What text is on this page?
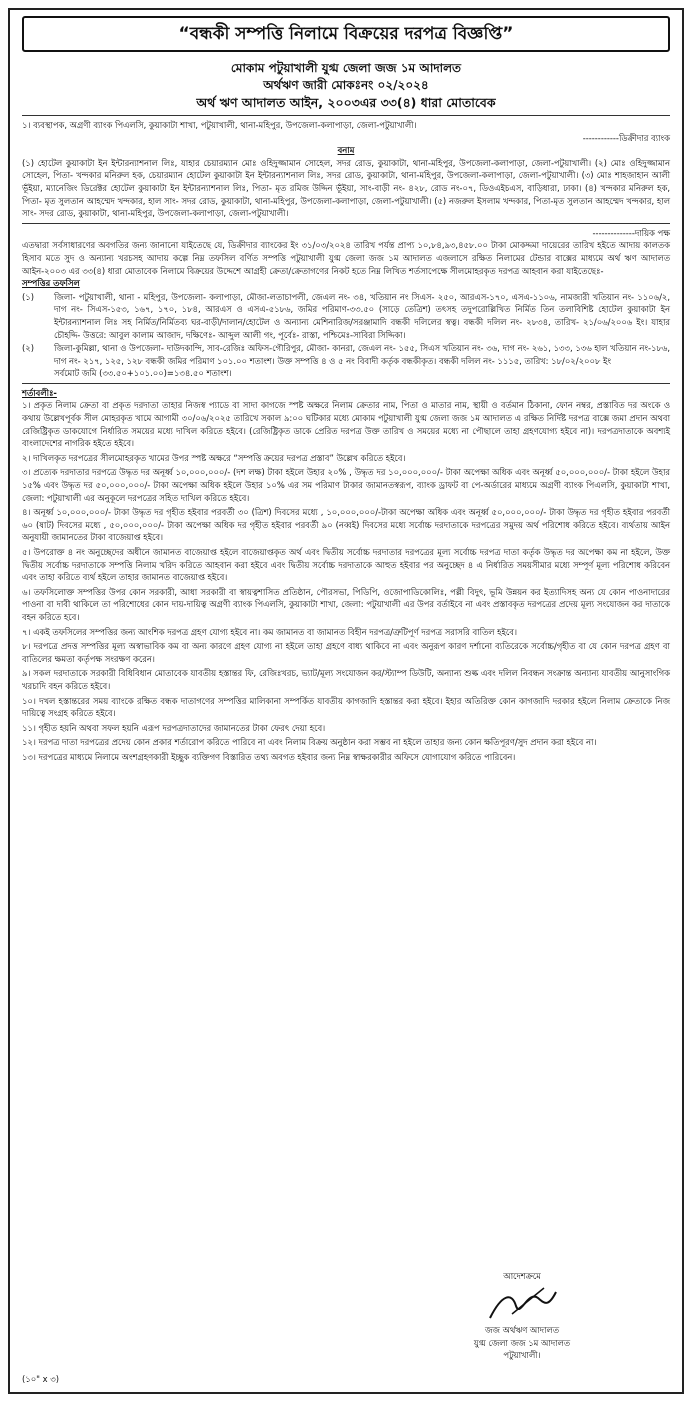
“বন্ধকী সম্পত্তি নিলামে বিক্রয়ের দরপত্র বিজ্ঞপ্তি”
মোকাম পটুয়াখালী যুগ্ম জেলা জজ ১ম আদালত
অর্থঋণ জারী মোকঃনং ০২/২০২৪
অর্থ ঋণ আদালত আইন, ২০০৩এর ৩৩(৪) ধারা মোতাবেক

১। ব্যবস্থাপক, অগ্রণী ব্যাংক পিএলসি, কুয়াকাটা শাখা, পটুয়াখালী, থানা-মহিপুর, উপজেলা-কলাপাড়া, জেলা-পটুয়াখালী।

------------ডিক্রীদার ব্যাংক
বনাম

(১) হোটেল কুয়াকাটা ইন ইন্টারন্যাশনাল লিঃ, যাহার চেয়ারম্যান মোঃ ওহিদুজ্জামান সোহেল, সদর রোড, কুয়াকাটা, থানা-মহিপুর, উপজেলা-কলাপাড়া, জেলা-পটুয়াখালী। (২) মোঃ ওহিদুজ্জামান সোহেল, পিতা- খন্দকার মনিরুল হক, চেয়ারম্যান হোটেল কুয়াকাটা ইন ইন্টারন্যাশনাল লিঃ, সদর রোড, কুয়াকাটা, থানা-মহিপুর, উপজেলা-কলাপাড়া, জেলা-পটুয়াখালী। (৩) মোঃ শাহজাহান আলী ভূঁইয়া, ম্যানেজিং ডিরেক্টর হোটেল কুয়াকাটা ইন ইন্টারন্যাশনাল লিঃ, পিতা- মৃত রমিজ উদ্দিন ভূঁইয়া, সাং-বাড়ী নং- ৪২৮, রোড নং-০৭, ডিওএইচএস, বাড়িধারা, ঢাকা। (৪) খন্দকার মনিরুল হক, পিতা- মৃত সুলতান আহম্মেদ খন্দকার, হাল সাং- সদর রোড, কুয়াকাটা, থানা-মহিপুর, উপজেলা-কলাপাড়া, জেলা-পটুয়াখালী। (৫) নজরুল ইসলাম খন্দকার, পিতা-মৃত সুলতান আহম্মেদ খন্দকার, হাল সাং- সদর রোড, কুয়াকাটা, থানা-মহিপুর, উপজেলা-কলাপাড়া, জেলা-পটুয়াখালী।

--------------দায়িক পক্ষ

এতদ্বারা সর্বসাধারণের অবগতির জন্য জানানো যাইতেছে যে, ডিক্রীদার ব্যাংকের ইং ৩১/০৩/২০২৪ তারিখ পর্যন্ত প্রাপ্য ১০,৮৪,৯৩,৪৫৮.০০ টাকা মোকদ্দমা দায়েরের তারিখ হইতে আদায় কালতক হিসাব মতে সুদ ও অন্যান্য খরচসহ আদায় কল্পে নিম্ন তফসিল বর্ণিত সম্পত্তি পটুয়াখালী যুগ্ম জেলা জজ ১ম আদালত এজলাসে রক্ষিত নিলামের টেন্ডার বাক্সের মাধ্যমে অর্থ ঋণ আদালত আইন-২০০৩ এর ৩৩(৪) ধারা মোতাবেক নিলামে বিক্রয়ের উদ্দেশে আগ্রহী ক্রেতা/ক্রেতাগণের নিকট হতে নিম্ন লিখিত শর্তসাপেক্ষে সীলমোহরকৃত দরপত্র আহবান করা যাইতেছেঃ-

সম্পত্তির তফসিল
(১)	জিলা- পটুয়াখালী, থানা - মহিপুর, উপজেলা- কলাপাড়া, মৌজা-লতাচাপলী, জেএল নং- ৩৪, খতিয়ান নং সিএস- ২৫০, আরএস-১৭০, এসএ-১১০৬, নামজারী খতিয়ান নং- ১১০৬/২, দাগ নং- সিএস-১৫৩, ১৬৭, ১৭০, ১৮৪, আরএস ও এসএ-৫১৮৬, জমির পরিমাণ-৩৩.৫০ (সাড়ে তেত্রিশ) তৎসহ তদুপরোল্লিখিত নির্মিত তিন তলাবিশিষ্ট হোটেল কুয়াকাটা ইন ইন্টারন্যাশনাল লিঃ সহ নির্মিত/নির্মিতব্য ঘর-বাড়ী/দালান/হোটেল ও অন্যান্য মেশিনারিজ/সরঞ্জামাদি বন্ধকী দলিলের স্বত্ব। বন্ধকী দলিল নং- ২৮৩৪, তারিখ- ২১/০৬/২০০৬ ইং। যাহার চৌহদ্দি- উত্তরে: আবুল কালাম আজাদ, দক্ষিণেঃ- আব্দুল আলী গং, পূর্বেঃ- রাস্তা, পশ্চিমেঃ-সাবিরা সিদ্দিকা।
(২)	জিলা-কুমিল্লা, থানা ও উপজেলা- দাউদকান্দি, সাব-রেজিঃ অফিস-গৌরিপুর, মৌজা- কানরা, জেএল নং- ১৫৫, সিএস খতিয়ান নং- ৩৬, দাগ নং- ২৬১, ১৩৩, ১৩৬ হাল খতিয়ান নং-১৮৬, দাগ নং- ২১৭, ১২৫, ১২৮ বন্ধকী জমির পরিমাণ ১০১.০০ শতাংশ। উক্ত সম্পত্তি ৪ ও ৫ নং বিবাদী কর্তৃক বন্ধকীকৃত। বন্ধকী দলিল নং- ১১১৫, তারিখ: ১৮/০২/২০০৮ ইং
সর্বমোট জমি (৩৩.৫০+১০১.০০)=১৩৪.৫০ শতাংশ।
শর্তাবলীঃ-

১। প্রকৃত নিলাম ক্রেতা বা প্রকৃত দরদাতা তাহার নিজস্ব প্যাডে বা সাদা কাগজে স্পষ্ট অক্ষরে নিলাম ক্রেতার নাম, পিতা ও মাতার নাম, স্থায়ী ও বর্তমান ঠিকানা, ফোন নম্বর, প্রস্তাবিত দর অংকে ও কথায় উল্লেখপূর্বক সীল মোহরকৃত খামে আগামী ৩০/০৬/২০২৫ তারিখে সকাল ৯:০০ ঘটিকার মধ্যে মোকাম পটুয়াখালী যুগ্ম জেলা জজ ১ম আদালত এ রক্ষিত নির্দিষ্ট দরপত্র বাক্সে জমা প্রদান অথবা রেজিষ্ট্রিকৃত ডাকযোগে নির্ধারিত সময়ের মধ্যে দাখিল করিতে হইবে। (রেজিষ্ট্রিকৃত ডাকে প্রেরিত দরপত্র উক্ত তারিখ ও সময়ের মধ্যে না পৌছালে তাহা গ্রহণযোগ্য হইবে না)। দরপত্রদাতাকে অবশ্যই বাংলাদেশের নাগরিক হইতে হইবে।

২। দাখিলকৃত দরপত্রের সীলমোহরকৃত খামের উপর স্পষ্ট অক্ষরে “সম্পত্তি ক্রয়ের দরপত্র প্রস্তাব” উল্লেখ করিতে হইবে।

৩। প্রত্যেক দরদাতার দরপত্রে উদ্ধৃত দর অনূর্ধ্ব ১০,০০০,০০০/- (দশ লক্ষ) টাকা হইলে উহার ২০% , উদ্ধৃত দর ১০,০০০,০০০/- টাকা অপেক্ষা অধিক এবং অনূর্ধ্ব ৫০,০০০,০০০/- টাকা হইলে উহার ১৫% এবং উদ্ধৃত দর ৫০,০০০,০০০/- টাকা অপেক্ষা অধিক হইলে উহার ১০% এর সম পরিমাণ টাকার জামানতস্বরূপ, ব্যাংক ড্রাফট বা পে-অর্ডারের মাধ্যমে অগ্রণী ব্যাংক পিএলসি, কুয়াকাটা শাখা, জেলা: পটুয়াখালী এর অনুকূলে দরপত্রের সহিত দাখিল করিতে হইবে।

৪। অনূর্ধ্ব ১০,০০০,০০০/- টাকা উদ্ধৃত দর গৃহীত হইবার পরবর্তী ৩০ (ত্রিশ) দিবসের মধ্যে , ১০,০০০,০০০/-টাকা অপেক্ষা অধিক এবং অনূর্ধ্ব ৫০,০০০,০০০/- টাকা উদ্ধৃত দর গৃহীত হইবার পরবর্তী ৬০ (ষাট) দিবসের মধ্যে , ৫০,০০০,০০০/- টাকা অপেক্ষা অধিক দর গৃহীত হইবার পরবর্তী ৯০ (নব্বই) দিবসের মধ্যে সর্বোচ্চ দরদাতাকে দরপত্রের সমুদয় অর্থ পরিশোধ করিতে হইবে। ব্যর্থতায় আইন অনুযায়ী জামানতের টাকা বাজেয়াপ্ত হইবে।

৫। উপরোক্ত ৪ নং অনুচ্ছেদের অধীনে জামানত বাজেয়াপ্ত হইলে বাজেয়াপ্তকৃত অর্থ এবং দ্বিতীয় সর্বোচ্চ দরদাতার দরপত্রের মূল্য সর্বোচ্চ দরপত্র দাতা কর্তৃক উদ্ধৃত দর অপেক্ষা কম না হইলে, উক্ত দ্বিতীয় সর্বোচ্চ দরদাতাকে সম্পত্তি নিলাম খরিদ করিতে আহবান করা হইবে এবং দ্বিতীয় সর্বোচ্চ দরদাতাকে আহুত হইবার পর অনুচ্ছেদ ৪ এ নির্ধারিত সময়সীমার মধ্যে সম্পূর্ণ মূল্য পরিশোধ করিবেন এবং তাহা করিতে ব্যর্থ হইলে তাহার জামানত বাজেয়াপ্ত হইবে।

৬। তফসিলোক্ত সম্পত্তির উপর কোন সরকারী, আধা সরকারী বা স্বায়ত্বশাসিত প্রতিষ্ঠান, পৌরসভা, পিডিপি, ওজোপাডিকোলিঃ, পল্লী বিদুৎ, ভূমি উন্নয়ন কর ইত্যাদিসহ অন্য যে কোন পাওনাদারের পাওনা বা দাবী থাকিলে তা পরিশোধের কোন দায়-দায়িত্ব অগ্রণী ব্যাংক পিএলসি, কুয়াকাটা শাখা, জেলা: পটুয়াখালী এর উপর বর্তাইবে না এবং প্রস্তাবকৃত দরপত্রের প্রদেয় মূল্য সংযোজন কর দাতাকে বহন করিতে হবে।

৭। একই তফসিলের সম্পত্তির জন্য আংশিক দরপত্র গ্রহণ যোগ্য হইবে না। কম জামানত বা জামানত বিহীন দরপত্র/ত্রুটিপূর্ণ দরপত্র সরাসরি বাতিল হইবে।

৮। দরপত্রে প্রদত্ত সম্পত্তির মূল্য অস্বাভাবিক কম বা অন্য কারণে গ্রহণ যোগ্য না হইলে তাহা গ্রহণে বাধ্য থাকিবে না এবং অনুরূপ কারণ দর্শানো ব্যতিরেকে সর্বোচ্চ/গৃহীত বা যে কোন দরপত্র গ্রহণ বা বাতিলের ক্ষমতা কর্তৃপক্ষ সংরক্ষণ করেন।

৯। সকল দরদাতাকে সরকারী বিধিবিধান মোতাবেক যাবতীয় হস্তান্তর ফি, রেজিঃখরচ, ভ্যাট/মূল্য সংযোজন কর/স্ট্যাম্প ডিউটি, অন্যান্য শুল্ক এবং দলিল নিবন্ধন সংক্রান্ত অন্যান্য যাবতীয় আনুসাংগিক খরচাদি বহন করিতে হইবে।

১০। দখল হস্তান্তরের সময় ব্যাংকে রক্ষিত বন্ধক দাতাগণের সম্পত্তির মালিকানা সম্পর্কিত যাবতীয় কাগজাদি হস্তান্তর করা হইবে। ইহার অতিরিক্ত কোন কাগজাদি দরকার হইলে নিলাম ক্রেতাকে নিজ দায়িত্বে সংগ্রহ করিতে হইবে।

১১। গৃহীত হয়নি অথবা সফল হয়নি এরূপ দরপত্রদাতাদের জামানতের টাকা ফেরৎ দেয়া হবে।

১২। দরপত্র দাতা দরপত্রের প্রদেয় কোন প্রকার শর্তারোপ করিতে পারিবে না এবং নিলাম বিক্রয় অনুষ্ঠান করা সম্ভব না হইলে তাহার জন্য কোন ক্ষতিপূরণ/সুদ প্রদান করা হইবে না।

১৩। দরপত্রের মাধ্যমে নিলামে অংশগ্রহণকারী ইচ্ছুক ব্যক্তিগণ বিস্তারিত তথ্য অবগত হইবার জন্য নিম্ন স্বাক্ষরকারীর অফিসে যোগাযোগ করিতে পারিবেন।

আদেশক্রমে
জজ অর্থঋণ আদালত
যুগ্ম জেলা জজ ১ম আদালত
পটুয়াখালী।
(১০" x ৩)
